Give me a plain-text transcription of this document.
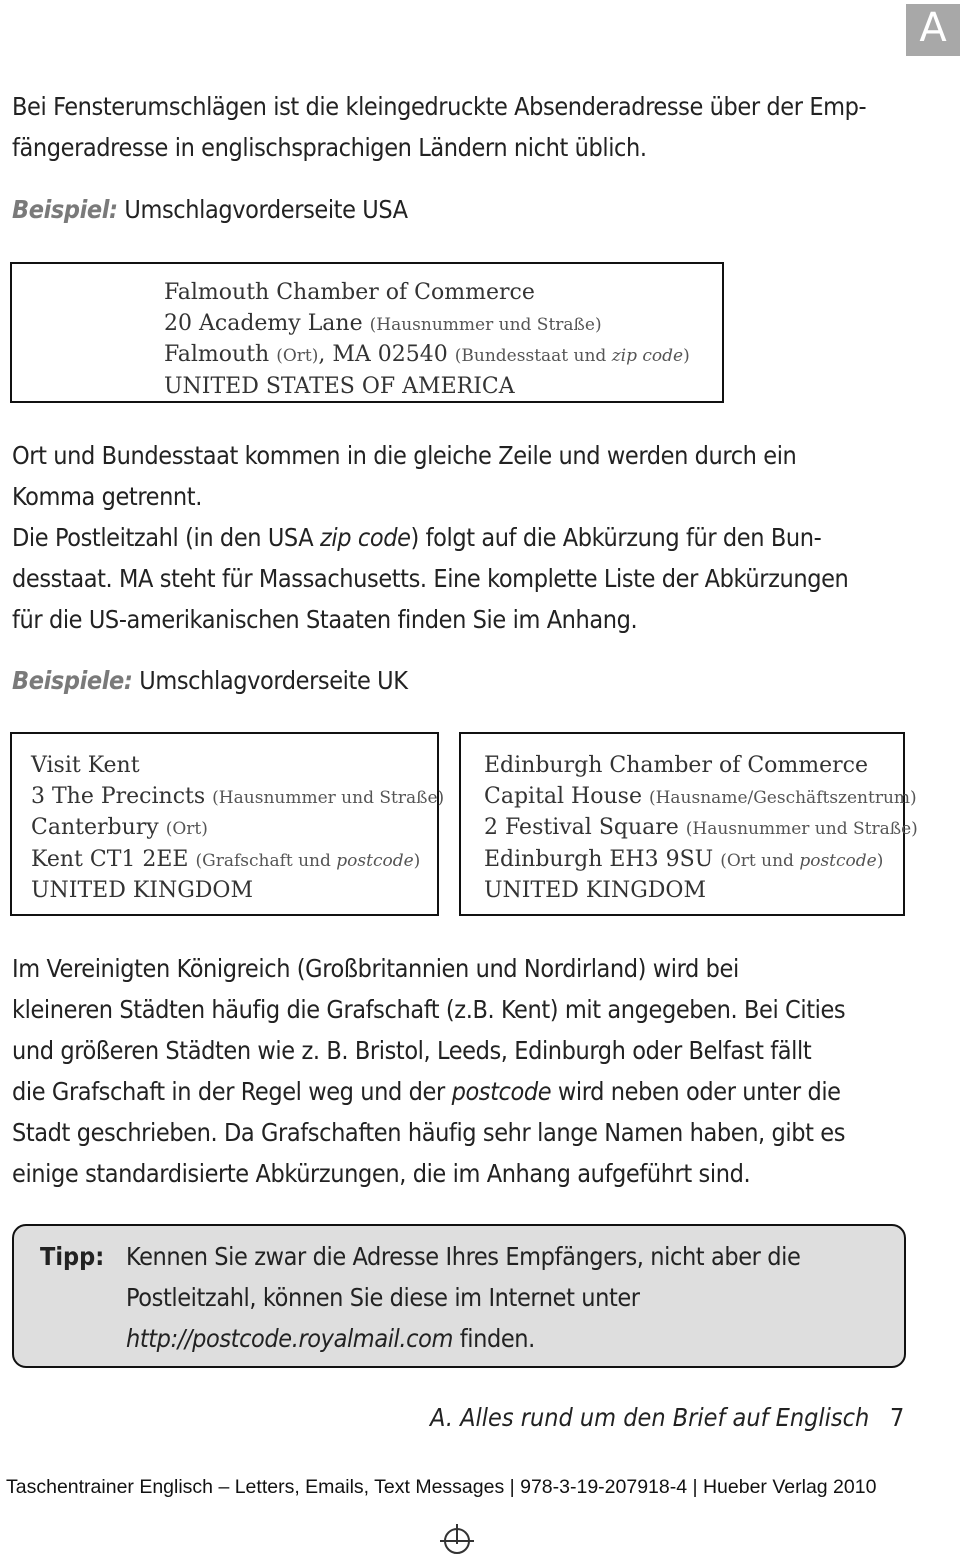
A

Bei Fensterumschlägen ist die kleingedruckte Absenderadresse über der Emp-
fängeradresse in englischsprachigen Ländern nicht üblich.

Beispiel: Umschlagvorderseite USA

Falmouth Chamber of Commerce
20 Academy Lane (Hausnummer und Straße)
Falmouth (Ort), MA 02540 (Bundesstaat und zip code)
UNITED STATES OF AMERICA

Ort und Bundesstaat kommen in die gleiche Zeile und werden durch ein
Komma getrennt.
Die Postleitzahl (in den USA zip code) folgt auf die Abkürzung für den Bun-
desstaat. MA steht für Massachusetts. Eine komplette Liste der Abkürzungen
für die US-amerikanischen Staaten finden Sie im Anhang.

Beispiele: Umschlagvorderseite UK

Visit Kent
3 The Precincts (Hausnummer und Straße)
Canterbury (Ort)
Kent CT1 2EE (Grafschaft und postcode)
UNITED KINGDOM
Edinburgh Chamber of Commerce
Capital House (Hausname/Geschäftszentrum)
2 Festival Square (Hausnummer und Straße)
Edinburgh EH3 9SU (Ort und postcode)
UNITED KINGDOM

Im Vereinigten Königreich (Großbritannien und Nordirland) wird bei
kleineren Städten häufig die Grafschaft (z.B. Kent) mit angegeben. Bei Cities
und größeren Städten wie z. B. Bristol, Leeds, Edinburgh oder Belfast fällt
die Grafschaft in der Regel weg und der postcode wird neben oder unter die
Stadt geschrieben. Da Grafschaften häufig sehr lange Namen haben, gibt es
einige standardisierte Abkürzungen, die im Anhang aufgeführt sind.

Tipp: Kennen Sie zwar die Adresse Ihres Empfängers, nicht aber die
Postleitzahl, können Sie diese im Internet unter
http://postcode.royalmail.com finden.
A. Alles rund um den Brief auf Englisch 7
Taschentrainer Englisch – Letters, Emails, Text Messages | 978-3-19-207918-4 | Hueber Verlag 2010
